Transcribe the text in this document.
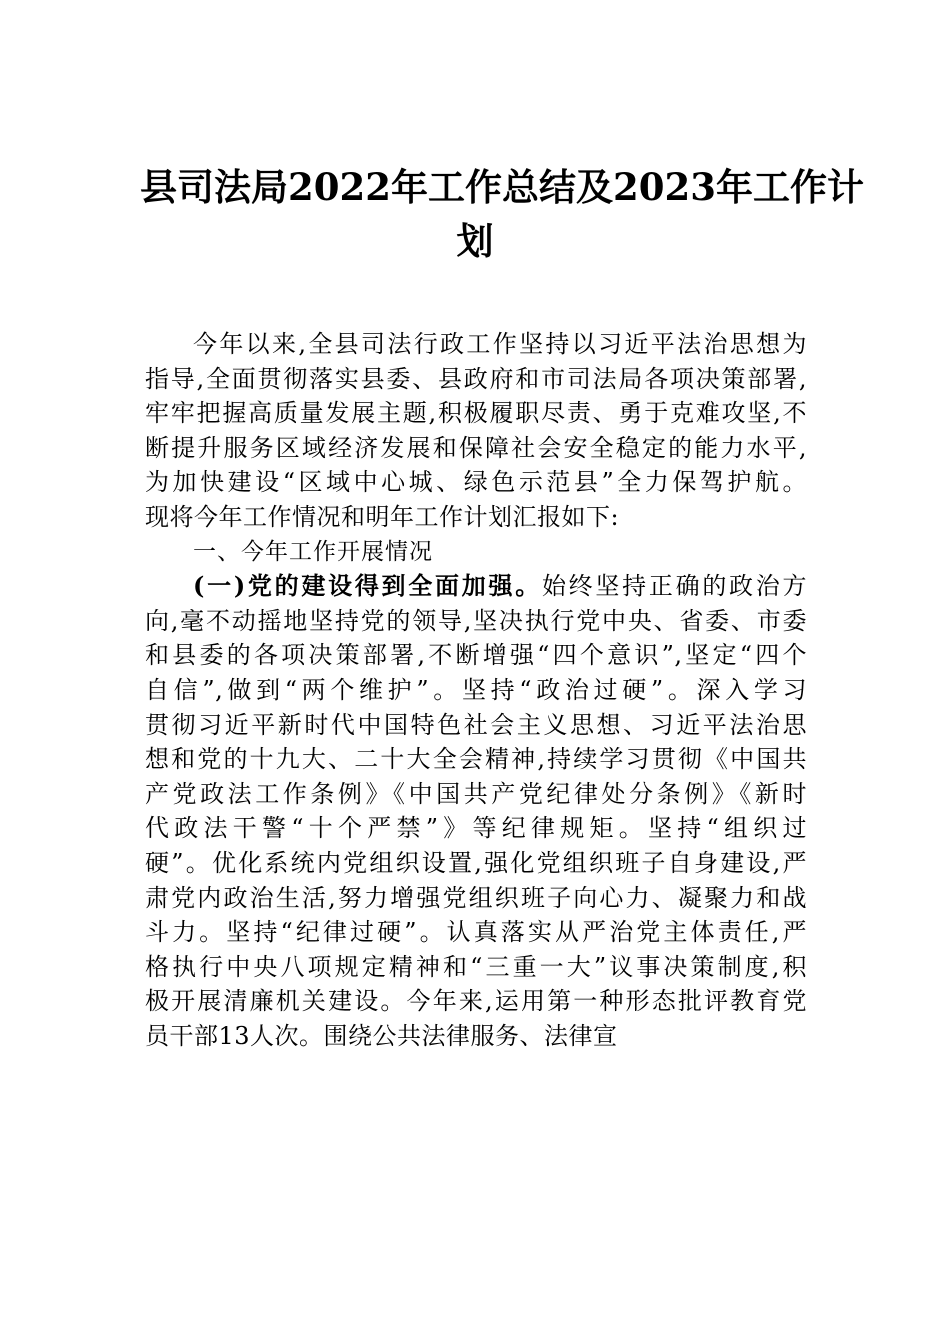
县司法局2022年工作总结及2023年工作计
划
今年以来,全县司法行政工作坚持以习近平法治思想为
指导,全面贯彻落实县委、县政府和市司法局各项决策部署,
牢牢把握高质量发展主题,积极履职尽责、勇于克难攻坚,不
断提升服务区域经济发展和保障社会安全稳定的能力水平,
为加快建设“区域中心城、绿色示范县”全力保驾护航。
现将今年工作情况和明年工作计划汇报如下:
一、今年工作开展情况
(一)党的建设得到全面加强。始终坚持正确的政治方
向,毫不动摇地坚持党的领导,坚决执行党中央、省委、市委
和县委的各项决策部署,不断增强“四个意识”,坚定“四个
自信”,做到“两个维护”。坚持“政治过硬”。深入学习
贯彻习近平新时代中国特色社会主义思想、习近平法治思
想和党的十九大、二十大全会精神,持续学习贯彻《中国共
产党政法工作条例》《中国共产党纪律处分条例》《新时
代政法干警“十个严禁”》等纪律规矩。坚持“组织过
硬”。优化系统内党组织设置,强化党组织班子自身建设,严
肃党内政治生活,努力增强党组织班子向心力、凝聚力和战
斗力。坚持“纪律过硬”。认真落实从严治党主体责任,严
格执行中央八项规定精神和“三重一大”议事决策制度,积
极开展清廉机关建设。今年来,运用第一种形态批评教育党
员干部13人次。围绕公共法律服务、法律宣
